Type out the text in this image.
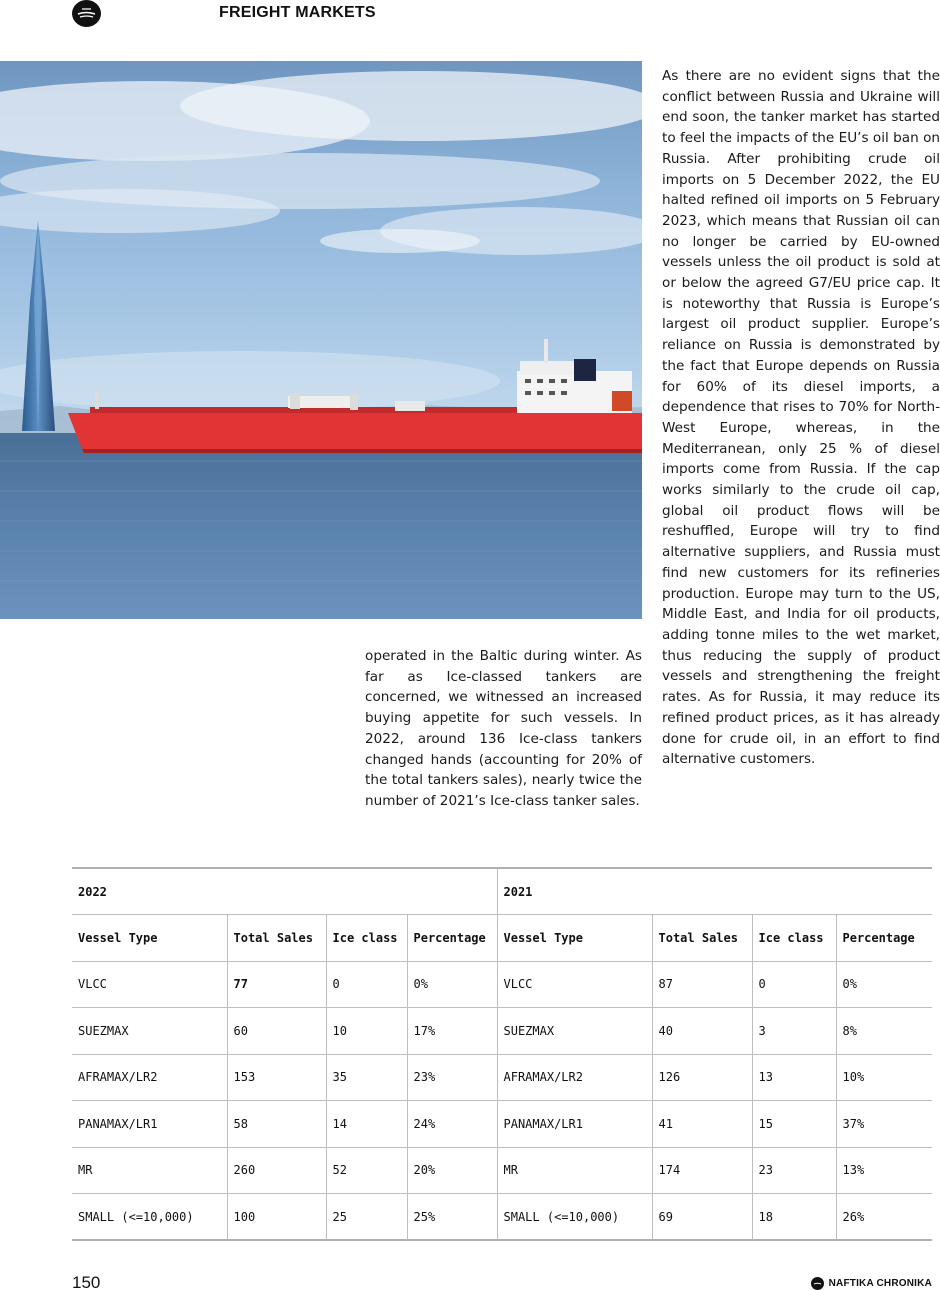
FREIGHT MARKETS
As there are no evident signs that the conflict between Russia and Ukraine will end soon, the tanker market has started to feel the impacts of the EU’s oil ban on Russia. After prohibiting crude oil imports on 5 December 2022, the EU halted refined oil imports on 5 February 2023, which means that Russian oil can no longer be carried by EU-owned vessels unless the oil product is sold at or below the agreed G7/EU price cap. It is noteworthy that Russia is Europe’s largest oil product supplier. Europe’s reliance on Russia is demonstrated by the fact that Europe depends on Russia for 60% of its diesel imports, a dependence that rises to 70% for North-West Europe, whereas, in the Mediterranean, only 25 % of diesel imports come from Russia. If the cap works similarly to the crude oil cap, global oil product flows will be reshuffled, Europe will try to find alternative suppliers, and Russia must find new customers for its refineries production. Europe may turn to the US, Middle East, and India for oil products, adding tonne miles to the wet market, thus reducing the supply of product vessels and strengthening the freight rates. As for Russia, it may reduce its refined product prices, as it has already done for crude oil, in an effort to find alternative customers.
operated in the Baltic during winter. As far as Ice-classed tankers are concerned, we witnessed an increased buying appetite for such vessels. In 2022, around 136 Ice-class tankers changed hands (accounting for 20% of the total tankers sales), nearly twice the number of 2021’s Ice-class tanker sales.
2022				2021			
Vessel Type	Total Sales	Ice class	Percentage	Vessel Type	Total Sales	Ice class	Percentage
VLCC	77	0	0%	VLCC	87	0	0%
SUEZMAX	60	10	17%	SUEZMAX	40	3	8%
AFRAMAX/LR2	153	35	23%	AFRAMAX/LR2	126	13	10%
PANAMAX/LR1	58	14	24%	PANAMAX/LR1	41	15	37%
MR	260	52	20%	MR	174	23	13%
SMALL (<=10,000)	100	25	25%	SMALL (<=10,000)	69	18	26%
150	NAFTIKA CHRONIKA
